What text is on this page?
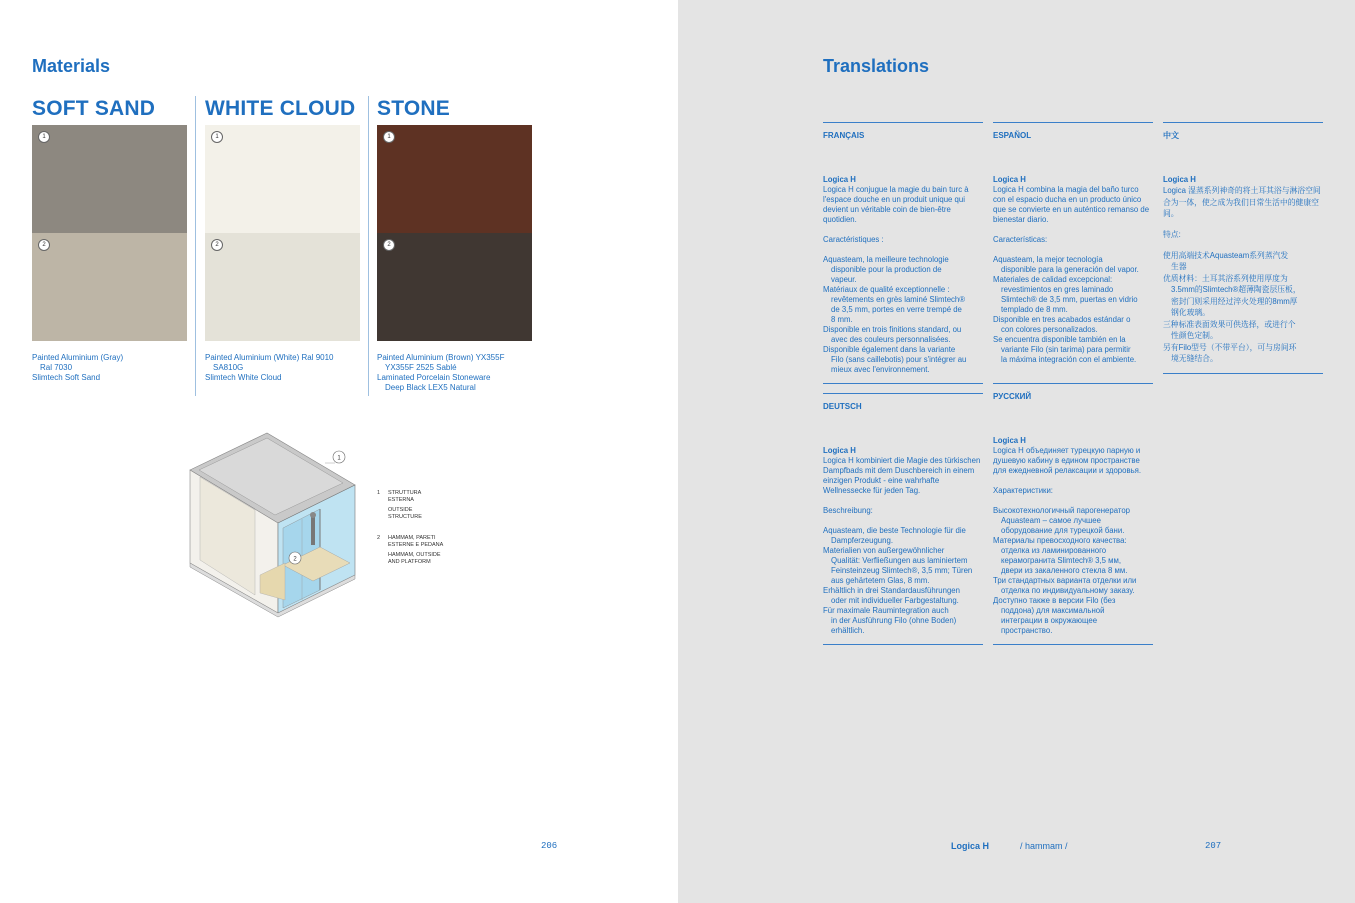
Materials
SOFT SAND
1
2
Painted Aluminium (Gray)
Ral 7030
Slimtech Soft Sand
WHITE CLOUD
1
2
Painted Aluminium (White) Ral 9010
SA810G
Slimtech White Cloud
STONE
1
2
Painted Aluminium (Brown) YX355F
YX355F 2525 Sablé
Laminated Porcelain Stoneware
Deep Black LEX5 Natural
1
2
1	STRUTTURA
ESTERNA
OUTSIDE
STRUCTURE
2	HAMMAM, PARETI
ESTERNE E PEDANA
HAMMAM, OUTSIDE
AND PLATFORM
206
Translations
FRANÇAIS
Logica H
Logica H conjugue la magie du bain turc à l'espace douche en un produit unique qui devient un véritable coin de bien-être quotidien.
Caractéristiques :
Aquasteam, la meilleure technologie
disponible pour la production de
vapeur.
Matériaux de qualité exceptionnelle :
revêtements en grès laminé Slimtech®
de 3,5 mm, portes en verre trempé de
8 mm.
Disponible en trois finitions standard, ou
avec des couleurs personnalisées.
Disponible également dans la variante
Filo (sans caillebotis) pour s'intégrer au
mieux avec l'environnement.
ESPAÑOL
Logica H
Logica H combina la magia del baño turco con el espacio ducha en un producto único que se convierte en un auténtico remanso de bienestar diario.
Características:
Aquasteam, la mejor tecnología
disponible para la generación del vapor.
Materiales de calidad excepcional:
revestimientos en gres laminado
Slimtech® de 3,5 mm, puertas en vidrio
templado de 8 mm.
Disponible en tres acabados estándar o
con colores personalizados.
Se encuentra disponible también en la
variante Filo (sin tarima) para permitir
la máxima integración con el ambiente.
中文
Logica H
Logica 湿蒸系列神奇的将土耳其浴与淋浴空间合为一体，使之成为我们日常生活中的健康空间。
特点:
使用高端技术Aquasteam系列蒸汽发
生器
优质材料：土耳其浴系列使用厚度为
3.5mm的Slimtech®超薄陶瓷层压板，
密封门则采用经过淬火处理的8mm厚
钢化玻璃。
三种标准表面效果可供选择，或进行个
性颜色定制。
另有Filo型号（不带平台），可与房间环
境无缝结合。
DEUTSCH
Logica H
Logica H kombiniert die Magie des türkischen Dampfbads mit dem Duschbereich in einem einzigen Produkt - eine wahrhafte Wellnessecke für jeden Tag.
Beschreibung:
Aquasteam, die beste Technologie für die
Dampferzeugung.
Materialien von außergewöhnlicher
Qualität: Verfließungen aus laminiertem
Feinsteinzeug Slimtech®, 3,5 mm; Türen
aus gehärtetem Glas, 8 mm.
Erhältlich in drei Standardausführungen
oder mit individueller Farbgestaltung.
Für maximale Raumintegration auch
in der Ausführung Filo (ohne Boden)
erhältlich.
РУССКИЙ
Logica H
Logica H объединяет турецкую парную и душевую кабину в едином пространстве для ежедневной релаксации и здоровья.
Характеристики:
Высокотехнологичный парогенератор
Aquasteam – самое лучшее
оборудование для турецкой бани.
Материалы превосходного качества:
отделка из ламинированного
керамогранита Slimtech® 3,5 мм,
двери из закаленного стекла 8 мм.
Три стандартных варианта отделки или
отделка по индивидуальному заказу.
Доступно также в версии Filo (без
поддона) для максимальной
интеграции в окружающее
пространство.
Logica H	/ hammam /	207
